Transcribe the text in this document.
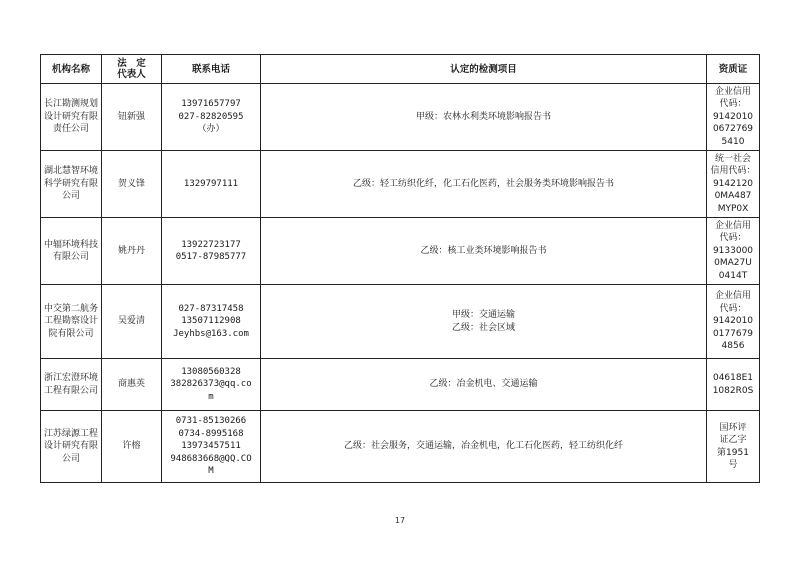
机构名称	法　定
代表人	联系电话	认定的检测项目	资质证
长江勘测规划设计研究有限责任公司	钮新强	13971657797
027-82820595
（办）	甲级：农林水利类环境影响报告书	企业信用
代码：
9142010
0672769
5410

湖北慧智环境科学研究有限公司	贺义锋	1329797111	乙级：轻工纺织化纤，化工石化医药，社会服务类环境影响报告书	统一社会
信用代码：
9142120
0MA487
MYP0X

中辐环境科技有限公司	姚丹丹	13922723177
0517-87985777	乙级：核工业类环境影响报告书	企业信用
代码：
9133000
0MA27U
0414T

中交第二航务工程勘察设计院有限公司	吴爱清	027-87317458
13507112908
Jeyhbs@163.com	甲级：交通运输
乙级：社会区域	企业信用
代码：
9142010
0177679
4856

浙江宏澄环境工程有限公司	商惠英	13080560328
382826373@qq.co
m	乙级：冶金机电、交通运输	04618E1
1082R0S

江苏绿源工程设计研究有限公司	许榕	0731-85130266
0734-8995168
13973457511
948683668@QQ.CO
M	乙级：社会服务，交通运输，冶金机电，化工石化医药，轻工纺织化纤	国环评
证乙字
第1951
号
17
